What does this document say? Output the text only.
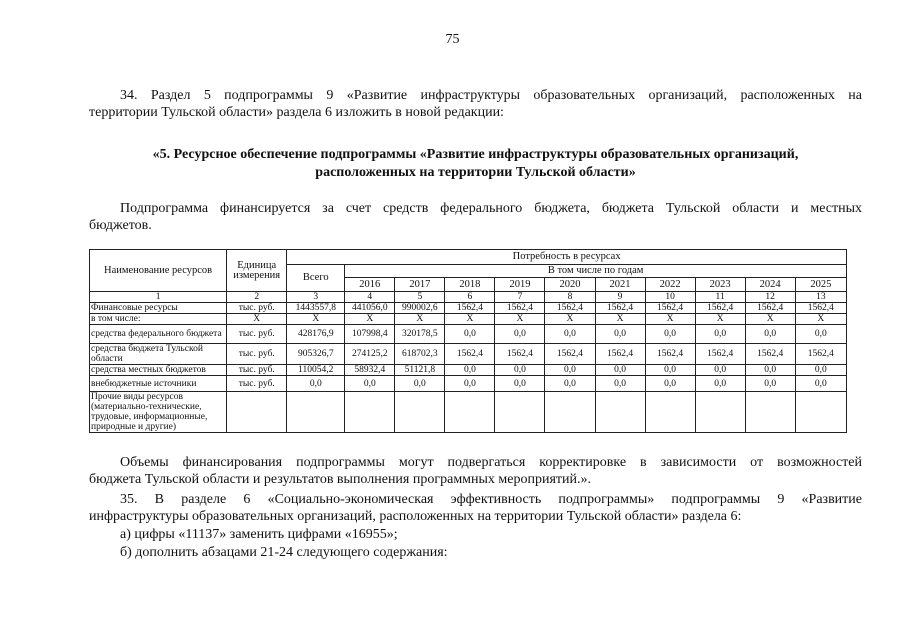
75
34. Раздел 5 подпрограммы 9 «Развитие инфраструктуры образовательных организаций, расположенных на
территории Тульской области» раздела 6 изложить в новой редакции:
«5. Ресурсное обеспечение подпрограммы «Развитие инфраструктуры образовательных организаций,
расположенных на территории Тульской области»
Подпрограмма финансируется за счет средств федерального бюджета, бюджета Тульской области и местных
бюджетов.
Наименование ресурсов	Единица измерения	Потребность в ресурсах										
		Всего	В том числе по годам									
			2016	2017	2018	2019	2020	2021	2022	2023	2024	2025
1	2	3	4	5	6	7	8	9	10	11	12	13
Финансовые ресурсы	тыс. руб.	1443557,8	441056,0	990002,6	1562,4	1562,4	1562,4	1562,4	1562,4	1562,4	1562,4	1562,4
в том числе:	X	X	X	X	X	X	X	X	X	X	X	X
средства федерального бюджета	тыс. руб.	428176,9	107998,4	320178,5	0,0	0,0	0,0	0,0	0,0	0,0	0,0	0,0
средства бюджета Тульской области	тыс. руб.	905326,7	274125,2	618702,3	1562,4	1562,4	1562,4	1562,4	1562,4	1562,4	1562,4	1562,4
средства местных бюджетов	тыс. руб.	110054,2	58932,4	51121,8	0,0	0,0	0,0	0,0	0,0	0,0	0,0	0,0
внебюджетные источники	тыс. руб.	0,0	0,0	0,0	0,0	0,0	0,0	0,0	0,0	0,0	0,0	0,0
Прочие виды ресурсов (материально-технические, трудовые, информационные, природные и другие)												
Объемы финансирования подпрограммы могут подвергаться корректировке в зависимости от возможностей
бюджета Тульской области и результатов выполнения программных мероприятий.».
35. В разделе 6 «Социально-экономическая эффективность подпрограммы» подпрограммы 9 «Развитие
инфраструктуры образовательных организаций, расположенных на территории Тульской области» раздела 6:
а) цифры «11137» заменить цифрами «16955»;
б) дополнить абзацами 21-24 следующего содержания:
